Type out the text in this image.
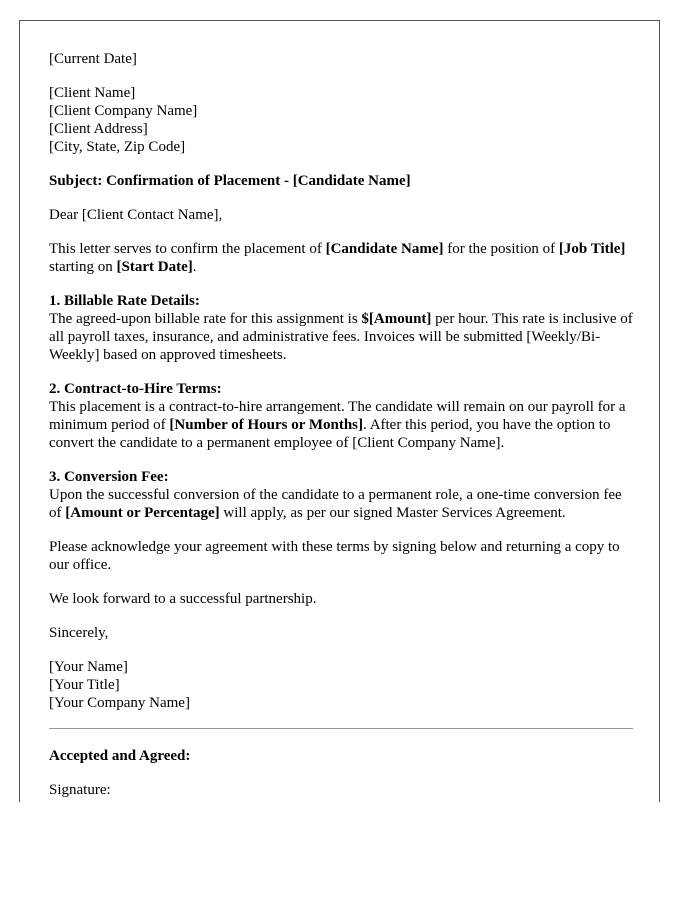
[Current Date]

[Client Name]
[Client Company Name]
[Client Address]
[City, State, Zip Code]

Subject: Confirmation of Placement - [Candidate Name]

Dear [Client Contact Name],

This letter serves to confirm the placement of [Candidate Name] for the position of [Job Title] starting on [Start Date].

1. Billable Rate Details:
The agreed-upon billable rate for this assignment is $[Amount] per hour. This rate is inclusive of all payroll taxes, insurance, and administrative fees. Invoices will be submitted [Weekly/Bi-Weekly] based on approved timesheets.
2. Contract-to-Hire Terms:
This placement is a contract-to-hire arrangement. The candidate will remain on our payroll for a minimum period of [Number of Hours or Months]. After this period, you have the option to convert the candidate to a permanent employee of [Client Company Name].
3. Conversion Fee:
Upon the successful conversion of the candidate to a permanent role, a one-time conversion fee of [Amount or Percentage] will apply, as per our signed Master Services Agreement.

Please acknowledge your agreement with these terms by signing below and returning a copy to our office.

We look forward to a successful partnership.

Sincerely,

[Your Name]
[Your Title]
[Your Company Name]

Accepted and Agreed:

Signature:
